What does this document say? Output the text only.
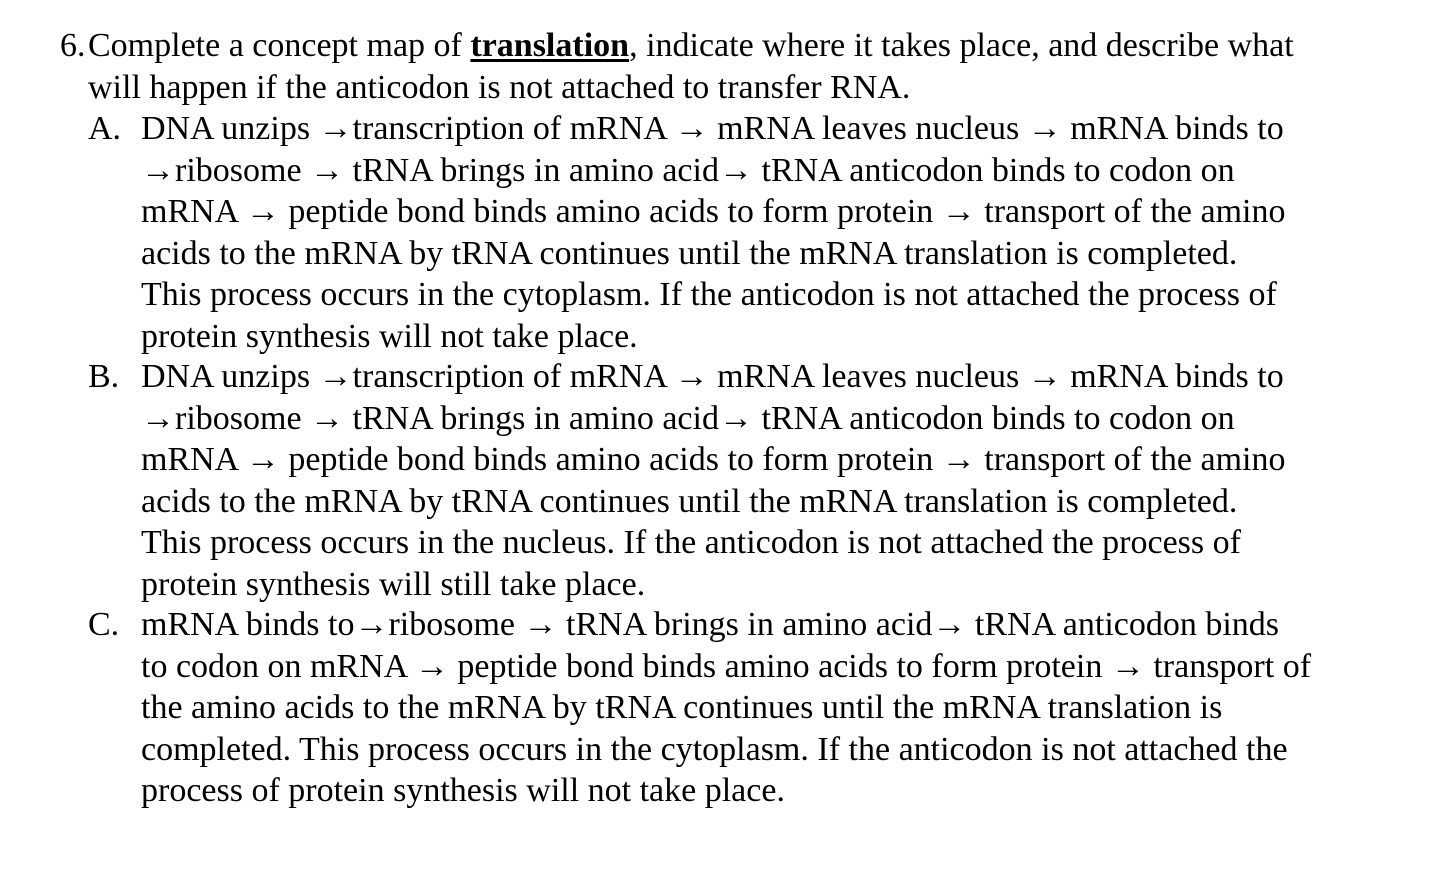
6. Complete a concept map of translation, indicate where it takes place, and describe what
will happen if the anticodon is not attached to transfer RNA.
A. DNA unzips →transcription of mRNA → mRNA leaves nucleus → mRNA binds to
→ribosome → tRNA brings in amino acid→ tRNA anticodon binds to codon on
mRNA → peptide bond binds amino acids to form protein → transport of the amino
acids to the mRNA by tRNA continues until the mRNA translation is completed.
This process occurs in the cytoplasm. If the anticodon is not attached the process of
protein synthesis will not take place.
B. DNA unzips →transcription of mRNA → mRNA leaves nucleus → mRNA binds to
→ribosome → tRNA brings in amino acid→ tRNA anticodon binds to codon on
mRNA → peptide bond binds amino acids to form protein → transport of the amino
acids to the mRNA by tRNA continues until the mRNA translation is completed.
This process occurs in the nucleus. If the anticodon is not attached the process of
protein synthesis will still take place.
C. mRNA binds to→ribosome → tRNA brings in amino acid→ tRNA anticodon binds
to codon on mRNA → peptide bond binds amino acids to form protein → transport of
the amino acids to the mRNA by tRNA continues until the mRNA translation is
completed. This process occurs in the cytoplasm. If the anticodon is not attached the
process of protein synthesis will not take place.
